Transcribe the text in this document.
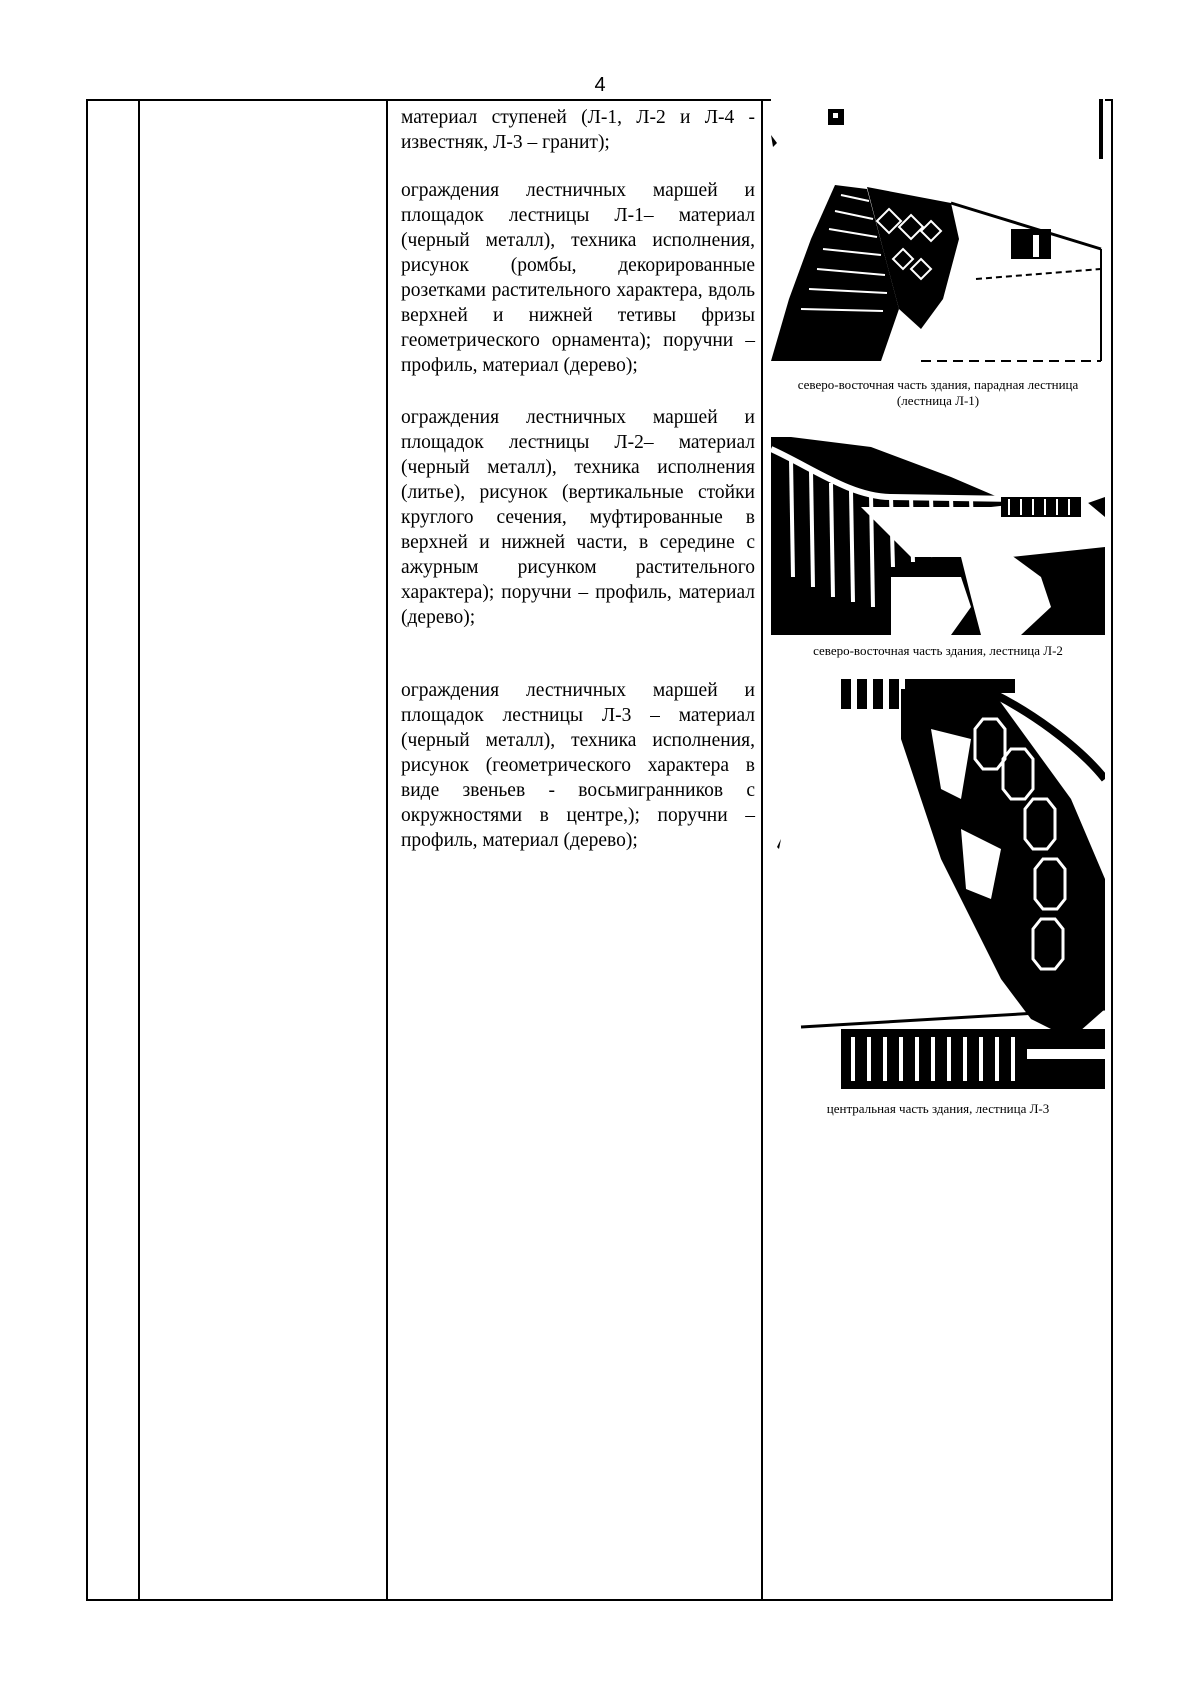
4

материал ступеней (Л-1, Л-2 и Л-4 - известняк, Л-3 – гранит);

ограждения лестничных маршей и площадок лестницы Л-1– материал (черный металл), техника исполнения, рисунок (ромбы, декорированные розетками растительного характера, вдоль верхней и нижней тетивы фризы геометрического орнамента); поручни – профиль, материал (дерево);

ограждения лестничных маршей и площадок лестницы Л-2– материал (черный металл), техника исполнения (литье), рисунок (вертикальные стойки круглого сечения, муфтированные в верхней и нижней части, в середине с ажурным рисунком растительного характера); поручни – профиль, материал (дерево);

ограждения лестничных маршей и площадок лестницы Л-3 – материал (черный металл), техника исполнения, рисунок (геометрического характера в виде звеньев - восьмигранников с окружностями в центре,); поручни – профиль, материал (дерево);

северо-восточная часть здания, парадная лестница (лестница Л-1)
северо-восточная часть здания, лестница Л-2
центральная часть здания, лестница Л-3
